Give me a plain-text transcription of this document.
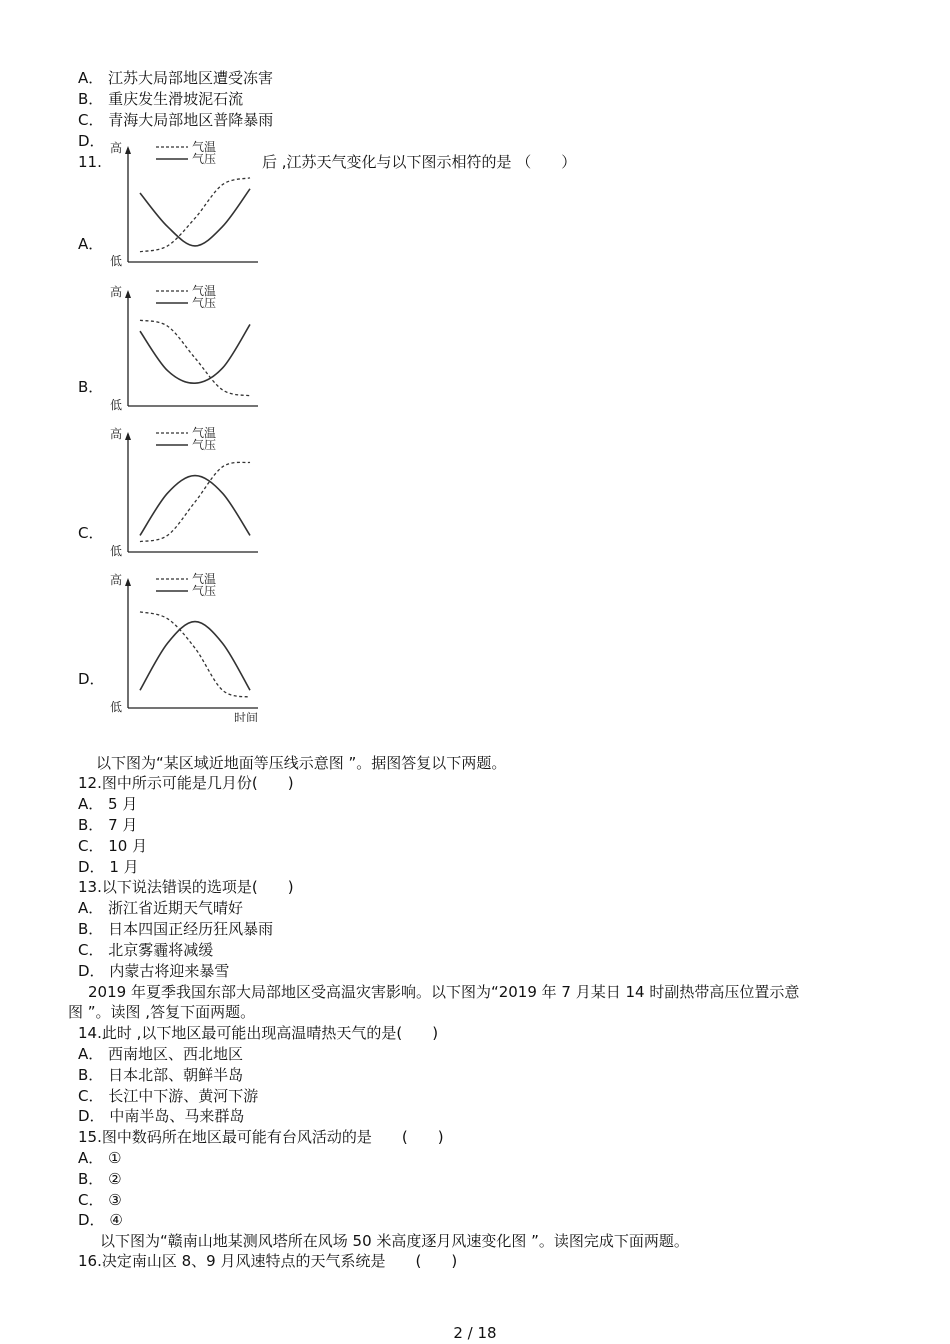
A． 江苏大局部地区遭受冻害
B． 重庆发生滑坡泥石流
C． 青海大局部地区普降暴雨
D．
11.	后 ,江苏天气变化与以下图示相符的是 （　　）
A．
B．
C．
D．
高
低
气温
气压
高
低
气温
气压
高
低
气温
气压
高
低
时间
气温
气压
以下图为“某区域近地面等压线示意图 ”。据图答复以下两题。
12.图中所示可能是几月份(　　)
A． 5 月
B． 7 月
C． 10 月
D． 1 月
13.以下说法错误的选项是(　　)
A． 浙江省近期天气晴好
B． 日本四国正经历狂风暴雨
C． 北京雾霾将减缓
D． 内蒙古将迎来暴雪
2019 年夏季我国东部大局部地区受高温灾害影响。以下图为“2019 年 7 月某日 14 时副热带高压位置示意
图 ”。读图 ,答复下面两题。
14.此时 ,以下地区最可能出现高温晴热天气的是(　　)
A． 西南地区、西北地区
B． 日本北部、朝鲜半岛
C． 长江中下游、黄河下游
D． 中南半岛、马来群岛
15.图中数码所在地区最可能有台风活动的是　　(　　)
A． ①
B． ②
C． ③
D． ④
以下图为“赣南山地某测风塔所在风场 50 米高度逐月风速变化图 ”。读图完成下面两题。
16.决定南山区 8、9 月风速特点的天气系统是　　(　　)
2 / 18
